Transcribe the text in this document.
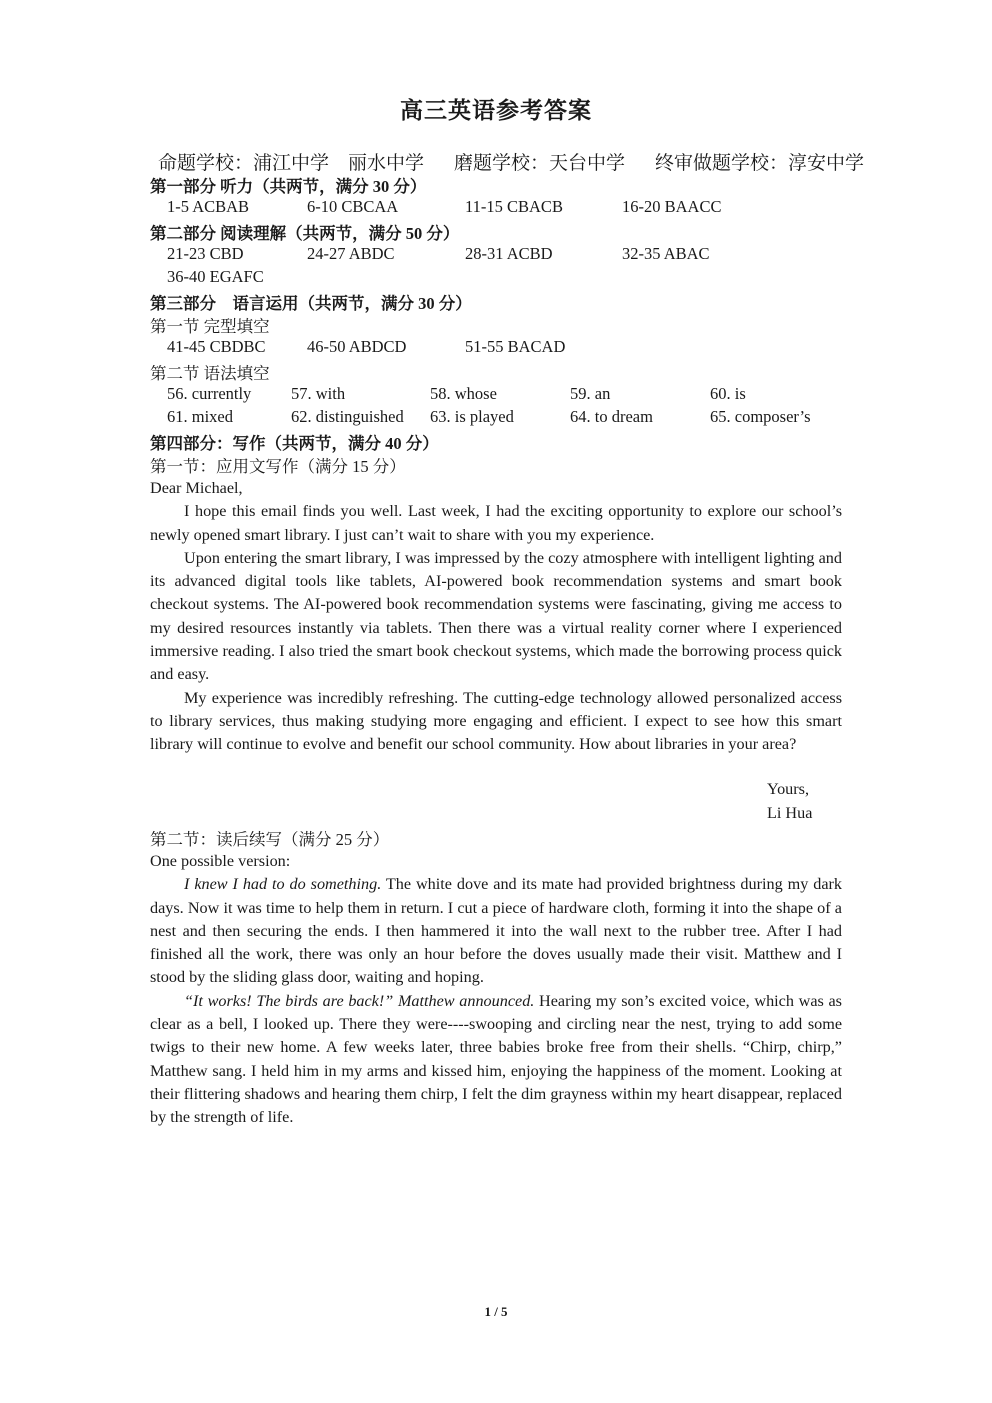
高三英语参考答案
命题学校：浦江中学　丽水中学 磨题学校：天台中学 终审做题学校：淳安中学
第一部分 听力（共两节，满分 30 分）
1-5 ACBAB	6-10 CBCAA	11-15 CBACB	16-20 BAACC
第二部分 阅读理解（共两节，满分 50 分）
21-23 CBD	24-27 ABDC	28-31 ACBD	32-35 ABAC
36-40 EGAFC
第三部分　语言运用（共两节，满分 30 分）
第一节 完型填空
41-45 CBDBC	46-50 ABDCD	51-55 BACAD
第二节 语法填空
56. currently 57. with	58. whose	59. an	60. is
61. mixed	62. distinguished 63. is played	64. to dream	65. composer’s
第四部分：写作（共两节，满分 40 分）
第一节：应用文写作（满分 15 分）

Dear Michael,

I hope this email finds you well. Last week, I had the exciting opportunity to explore our school’s newly opened smart library. I just can’t wait to share with you my experience.

Upon entering the smart library, I was impressed by the cozy atmosphere with intelligent lighting and its advanced digital tools like tablets, AI-powered book recommendation systems and smart book checkout systems. The AI-powered book recommendation systems were fascinating, giving me access to my desired resources instantly via tablets. Then there was a virtual reality corner where I experienced immersive reading. I also tried the smart book checkout systems, which made the borrowing process quick and easy.

My experience was incredibly refreshing. The cutting-edge technology allowed personalized access to library services, thus making studying more engaging and efficient. I expect to see how this smart library will continue to evolve and benefit our school community. How about libraries in your area?

Yours,
Li Hua
第二节：读后续写（满分 25 分）

One possible version:

I knew I had to do something. The white dove and its mate had provided brightness during my dark days. Now it was time to help them in return. I cut a piece of hardware cloth, forming it into the shape of a nest and then securing the ends. I then hammered it into the wall next to the rubber tree. After I had finished all the work, there was only an hour before the doves usually made their visit. Matthew and I stood by the sliding glass door, waiting and hoping.

“It works! The birds are back!” Matthew announced. Hearing my son’s excited voice, which was as clear as a bell, I looked up. There they were----swooping and circling near the nest, trying to add some twigs to their new home. A few weeks later, three babies broke free from their shells. “Chirp, chirp,” Matthew sang. I held him in my arms and kissed him, enjoying the happiness of the moment. Looking at their flittering shadows and hearing them chirp, I felt the dim grayness within my heart disappear, replaced by the strength of life.

1 / 5
